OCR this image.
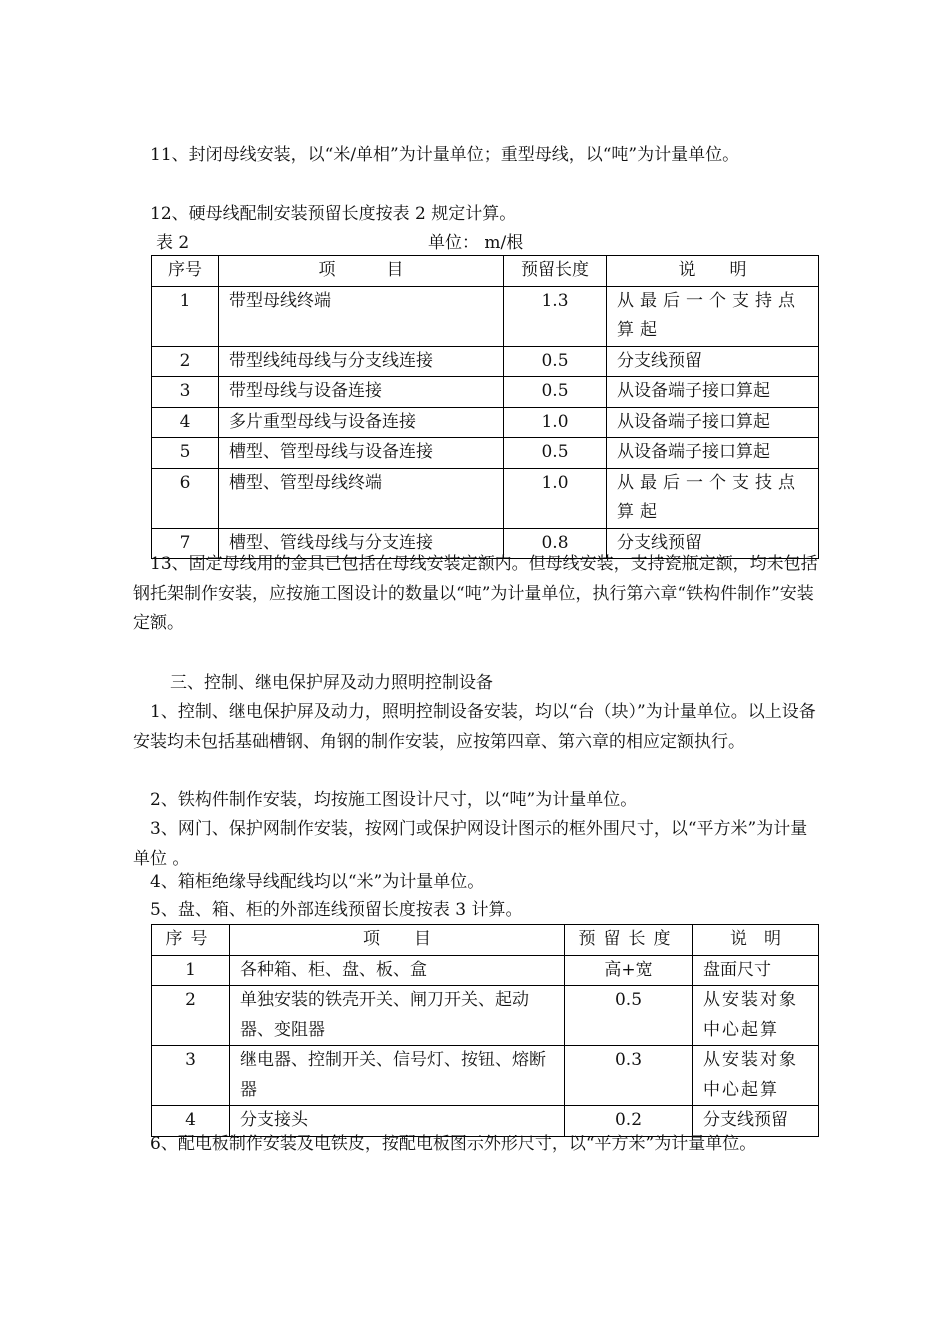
11、封闭母线安装，以“米/单相”为计量单位；重型母线，以“吨”为计量单位。

12、硬母线配制安装预留长度按表 2 规定计算。

表 2	单位： m/根
序号	项　　　目	预留长度	说　　明
1	带型母线终端	1.3	从最后一个支持点算起
2	带型线纯母线与分支线连接	0.5	分支线预留
3	带型母线与设备连接	0.5	从设备端子接口算起
4	多片重型母线与设备连接	1.0	从设备端子接口算起
5	槽型、管型母线与设备连接	0.5	从设备端子接口算起
6	槽型、管型母线终端	1.0	从最后一个支技点算起
7	槽型、管线母线与分支连接	0.8	分支线预留

13、固定母线用的金具已包括在母线安装定额内。但母线安装，支持瓷瓶定额，均未包括钢托架制作安装，应按施工图设计的数量以“吨”为计量单位，执行第六章“铁构件制作”安装定额。

三、控制、继电保护屏及动力照明控制设备

1、控制、继电保护屏及动力，照明控制设备安装，均以“台（块）”为计量单位。以上设备安装均未包括基础槽钢、角钢的制作安装，应按第四章、第六章的相应定额执行。

2、铁构件制作安装，均按施工图设计尺寸，以“吨”为计量单位。

3、网门、保护网制作安装，按网门或保护网设计图示的框外围尺寸，以“平方米”为计量单位 。

4、箱柜绝缘导线配线均以“米”为计量单位。

5、盘、箱、柜的外部连线预留长度按表 3 计算。

序号	项　　目	预留长度	说　明
1	各种箱、柜、盘、板、盒	高+宽	盘面尺寸
2	单独安装的铁壳开关、闸刀开关、起动器、变阻器	0.5	从安装对象中心起算
3	继电器、控制开关、信号灯、按钮、熔断器	0.3	从安装对象中心起算
4	分支接头	0.2	分支线预留

6、配电板制作安装及电铁皮，按配电板图示外形尺寸，以“平方米”为计量单位。
